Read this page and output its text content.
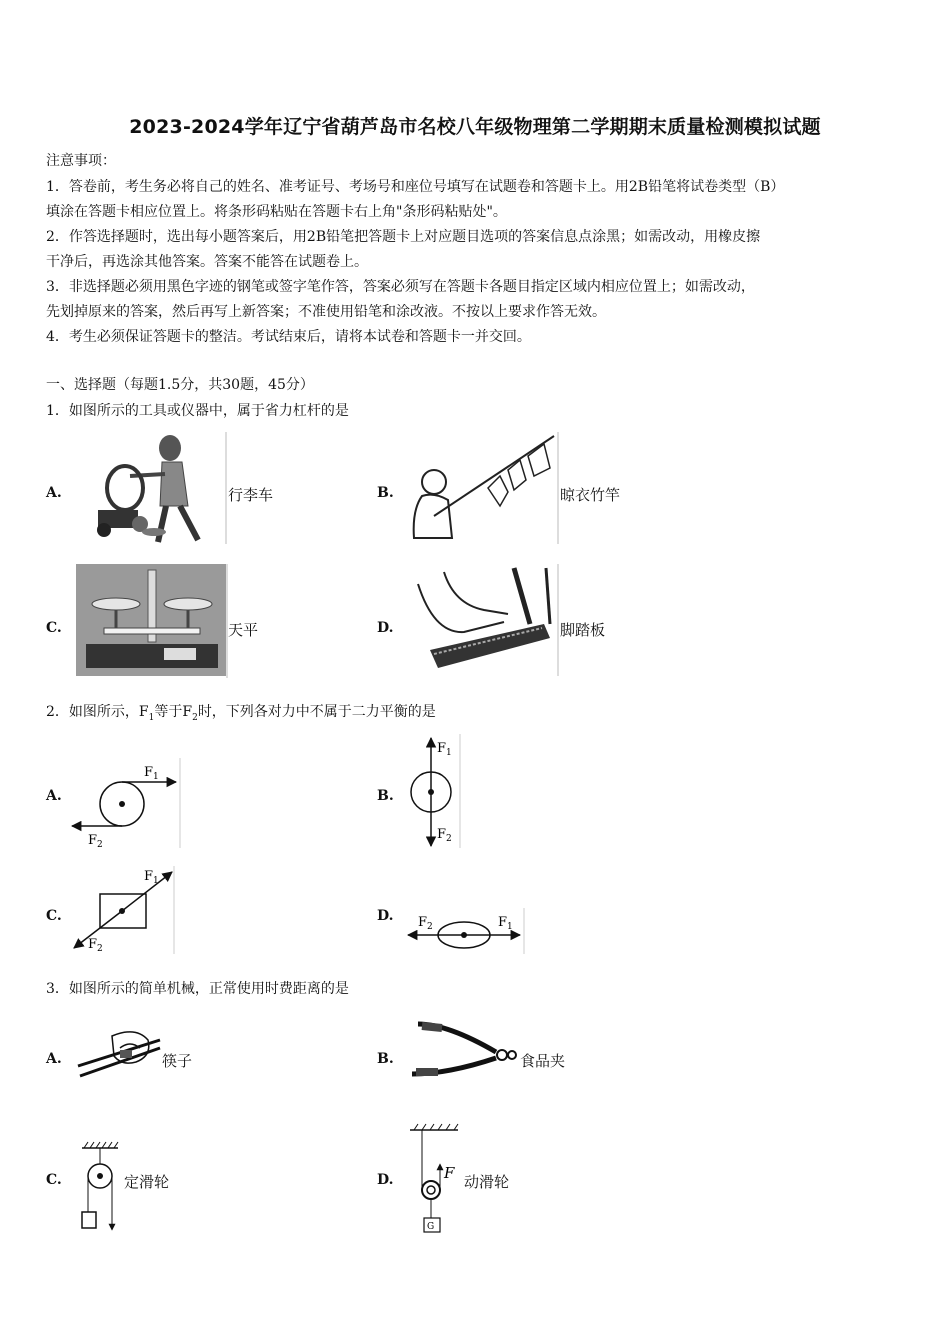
2023-2024学年辽宁省葫芦岛市名校八年级物理第二学期期末质量检测模拟试题
注意事项：
1．答卷前，考生务必将自己的姓名、准考证号、考场号和座位号填写在试题卷和答题卡上。用2B铅笔将试卷类型（B）
填涂在答题卡相应位置上。将条形码粘贴在答题卡右上角"条形码粘贴处"。
2．作答选择题时，选出每小题答案后，用2B铅笔把答题卡上对应题目选项的答案信息点涂黑；如需改动，用橡皮擦
干净后，再选涂其他答案。答案不能答在试题卷上。
3．非选择题必须用黑色字迹的钢笔或签字笔作答，答案必须写在答题卡各题目指定区域内相应位置上；如需改动，
先划掉原来的答案，然后再写上新答案；不准使用铅笔和涂改液。不按以上要求作答无效。
4．考生必须保证答题卡的整洁。考试结束后，请将本试卷和答题卡一并交回。
一、选择题（每题1.5分，共30题，45分）
1．如图所示的工具或仪器中，属于省力杠杆的是
A.	行李车	B.	晾衣竹竿
C.	天平	D.	脚踏板
2．如图所示，$F_1$等于$F_2$时，下列各对力中不属于二力平衡的是
A.
$F_1$
$F_2$
B.
$F_1$
$F_2$
C.
$F_1$
$F_2$
D. $F_2$	$F_1$
3．如图所示的简单机械，正常使用时费距离的是
A.	筷子	B.	食品夹
C.	定滑轮	D.	F
G
动滑轮
